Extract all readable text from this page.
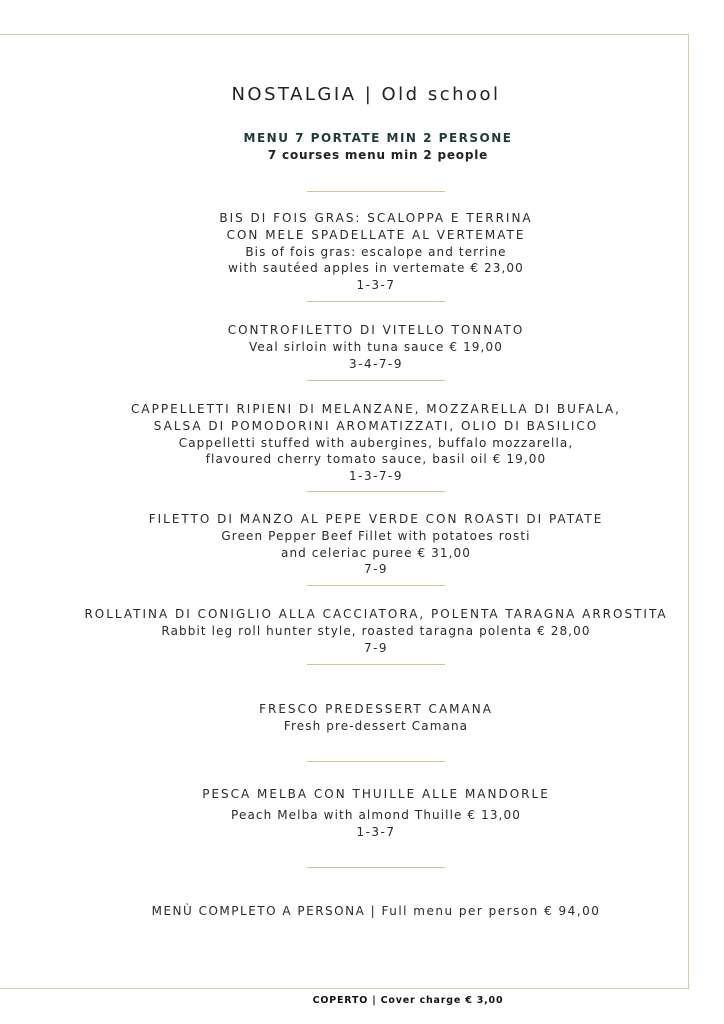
NOSTALGIA | Old school
MENU 7 PORTATE MIN 2 PERSONE
7 courses menu min 2 people
BIS DI FOIS GRAS: SCALOPPA E TERRINA
CON MELE SPADELLATE AL VERTEMATE
Bis of fois gras: escalope and terrine
with sautéed apples in vertemate € 23,00
1-3-7
CONTROFILETTO DI VITELLO TONNATO
Veal sirloin with tuna sauce € 19,00
3-4-7-9
CAPPELLETTI RIPIENI DI MELANZANE, MOZZARELLA DI BUFALA,
SALSA DI POMODORINI AROMATIZZATI, OLIO DI BASILICO
Cappelletti stuffed with aubergines, buffalo mozzarella,
flavoured cherry tomato sauce, basil oil € 19,00
1-3-7-9
FILETTO DI MANZO AL PEPE VERDE CON ROASTI DI PATATE
Green Pepper Beef Fillet with potatoes rosti
and celeriac puree € 31,00
7-9
ROLLATINA DI CONIGLIO ALLA CACCIATORA, POLENTA TARAGNA ARROSTITA
Rabbit leg roll hunter style, roasted taragna polenta € 28,00
7-9
FRESCO PREDESSERT CAMANA
Fresh pre-dessert Camana
PESCA MELBA CON THUILLE ALLE MANDORLE
Peach Melba with almond Thuille € 13,00
1-3-7
MENÙ COMPLETO A PERSONA | Full menu per person € 94,00
COPERTO | Cover charge € 3,00
